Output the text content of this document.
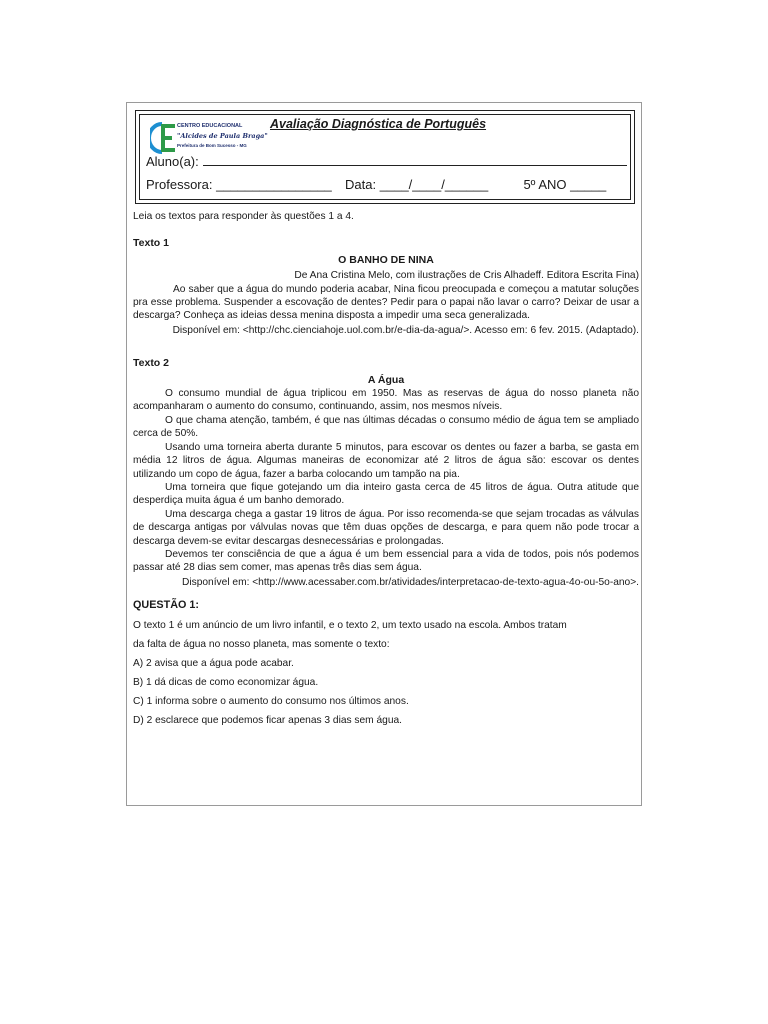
CENTRO EDUCACIONAL
"Alcides de Paula Braga"
Prefeitura de Bom Sucesso - MG
Avaliação Diagnóstica de Português
Aluno(a):
Professora: ________________ Data: ____/____/______	5º ANO _____

Leia os textos para responder às questões 1 a 4.

Texto 1

O BANHO DE NINA

De Ana Cristina Melo, com ilustrações de Cris Alhadeff. Editora Escrita Fina)

Ao saber que a água do mundo poderia acabar, Nina ficou preocupada e começou a matutar soluções pra esse problema. Suspender a escovação de dentes? Pedir para o papai não lavar o carro? Deixar de usar a descarga? Conheça as ideias dessa menina disposta a impedir uma seca generalizada.

Disponível em: <http://chc.cienciahoje.uol.com.br/e-dia-da-agua/>. Acesso em: 6 fev. 2015. (Adaptado).

Texto 2

A Água

O consumo mundial de água triplicou em 1950. Mas as reservas de água do nosso planeta não acompanharam o aumento do consumo, continuando, assim, nos mesmos níveis.

O que chama atenção, também, é que nas últimas décadas o consumo médio de água tem se ampliado cerca de 50%.

Usando uma torneira aberta durante 5 minutos, para escovar os dentes ou fazer a barba, se gasta em média 12 litros de água. Algumas maneiras de economizar até 2 litros de água são: escovar os dentes utilizando um copo de água, fazer a barba colocando um tampão na pia.

Uma torneira que fique gotejando um dia inteiro gasta cerca de 45 litros de água. Outra atitude que desperdiça muita água é um banho demorado.

Uma descarga chega a gastar 19 litros de água. Por isso recomenda-se que sejam trocadas as válvulas de descarga antigas por válvulas novas que têm duas opções de descarga, e para quem não pode trocar a descarga devem-se evitar descargas desnecessárias e prolongadas.

Devemos ter consciência de que a água é um bem essencial para a vida de todos, pois nós podemos passar até 28 dias sem comer, mas apenas três dias sem água.

Disponível em: <http://www.acessaber.com.br/atividades/interpretacao-de-texto-agua-4o-ou-5o-ano>.

QUESTÃO 1:

O texto 1 é um anúncio de um livro infantil, e o texto 2, um texto usado na escola. Ambos tratam

da falta de água no nosso planeta, mas somente o texto:

A) 2 avisa que a água pode acabar.

B) 1 dá dicas de como economizar água.

C) 1 informa sobre o aumento do consumo nos últimos anos.

D) 2 esclarece que podemos ficar apenas 3 dias sem água.
